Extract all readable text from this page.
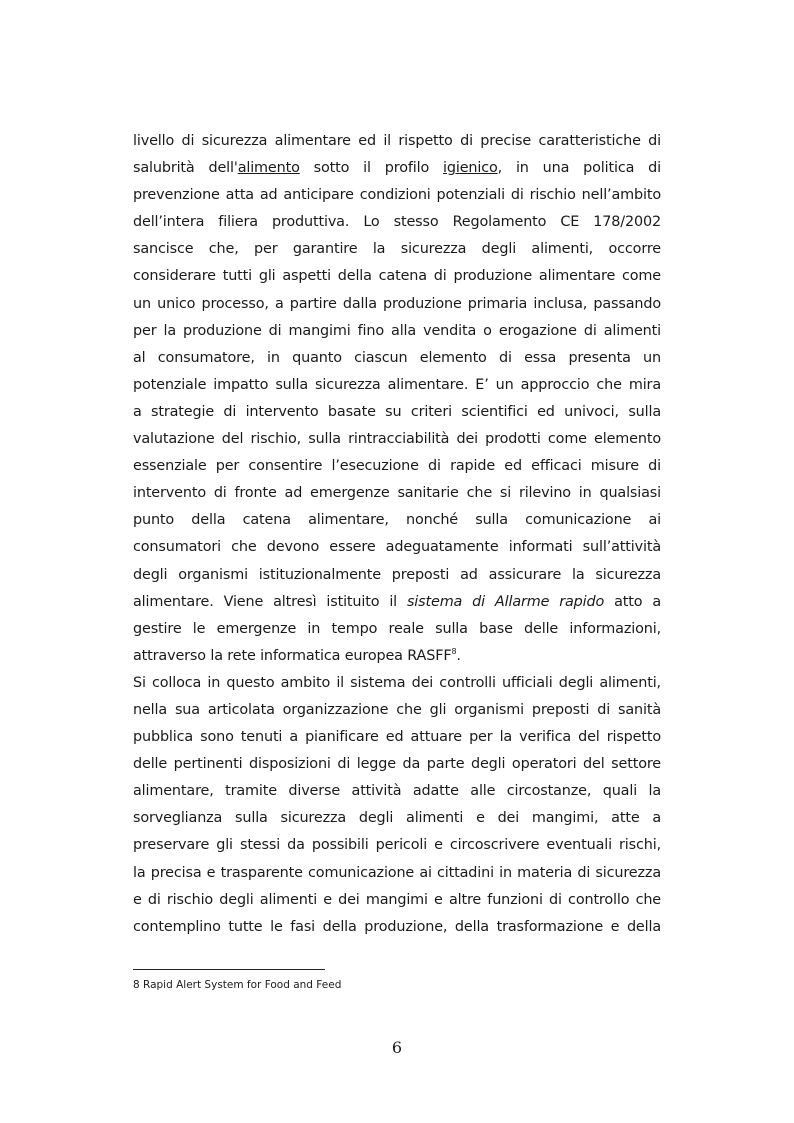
livello di sicurezza alimentare ed il rispetto di precise caratteristiche di
salubrità dell'alimento sotto il profilo igienico, in una politica di
prevenzione atta ad anticipare condizioni potenziali di rischio nell’ambito
dell’intera filiera produttiva. Lo stesso Regolamento CE 178/2002
sancisce che, per garantire la sicurezza degli alimenti, occorre
considerare tutti gli aspetti della catena di produzione alimentare come
un unico processo, a partire dalla produzione primaria inclusa, passando
per la produzione di mangimi fino alla vendita o erogazione di alimenti
al consumatore, in quanto ciascun elemento di essa presenta un
potenziale impatto sulla sicurezza alimentare. E’ un approccio che mira
a strategie di intervento basate su criteri scientifici ed univoci, sulla
valutazione del rischio, sulla rintracciabilità dei prodotti come elemento
essenziale per consentire l’esecuzione di rapide ed efficaci misure di
intervento di fronte ad emergenze sanitarie che si rilevino in qualsiasi
punto della catena alimentare, nonché sulla comunicazione ai
consumatori che devono essere adeguatamente informati sull’attività
degli organismi istituzionalmente preposti ad assicurare la sicurezza
alimentare. Viene altresì istituito il sistema di Allarme rapido atto a
gestire le emergenze in tempo reale sulla base delle informazioni,
attraverso la rete informatica europea RASFF$^8$.
Si colloca in questo ambito il sistema dei controlli ufficiali degli alimenti,
nella sua articolata organizzazione che gli organismi preposti di sanità
pubblica sono tenuti a pianificare ed attuare per la verifica del rispetto
delle pertinenti disposizioni di legge da parte degli operatori del settore
alimentare, tramite diverse attività adatte alle circostanze, quali la
sorveglianza sulla sicurezza degli alimenti e dei mangimi, atte a
preservare gli stessi da possibili pericoli e circoscrivere eventuali rischi,
la precisa e trasparente comunicazione ai cittadini in materia di sicurezza
e di rischio degli alimenti e dei mangimi e altre funzioni di controllo che
contemplino tutte le fasi della produzione, della trasformazione e della
8 Rapid Alert System for Food and Feed
6
